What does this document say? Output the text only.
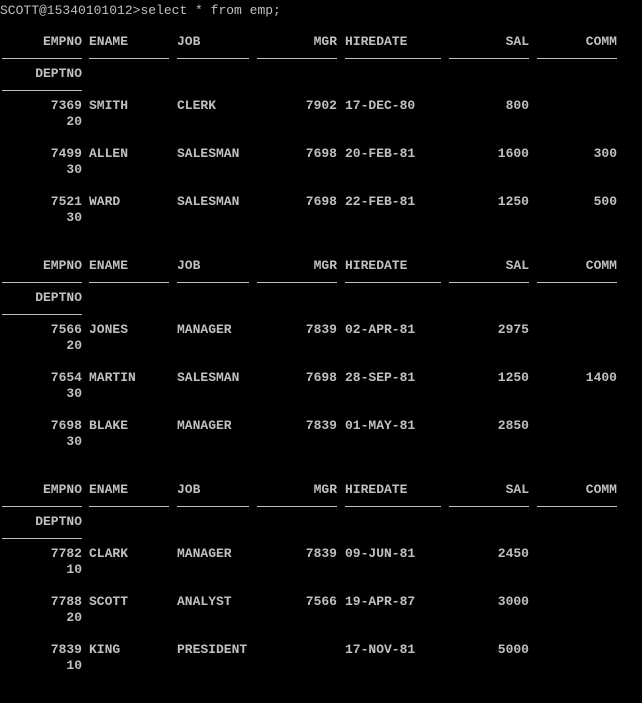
SCOTT@15340101012>select * from emp;
EMPNO ENAME	JOB	MGR HIREDATE	SAL	COMM
DEPTNO
7369 SMITH	CLERK	7902 17-DEC-80	800
20
7499 ALLEN	SALESMAN	7698 20-FEB-81	1600	300
30
7521 WARD	SALESMAN	7698 22-FEB-81	1250	500
30
EMPNO ENAME	JOB	MGR HIREDATE	SAL	COMM
DEPTNO
7566 JONES	MANAGER	7839 02-APR-81	2975
20
7654 MARTIN	SALESMAN	7698 28-SEP-81	1250	1400
30
7698 BLAKE	MANAGER	7839 01-MAY-81	2850
30
EMPNO ENAME	JOB	MGR HIREDATE	SAL	COMM
DEPTNO
7782 CLARK	MANAGER	7839 09-JUN-81	2450
10
7788 SCOTT	ANALYST	7566 19-APR-87	3000
20
7839 KING	PRESIDENT	17-NOV-81	5000
10
